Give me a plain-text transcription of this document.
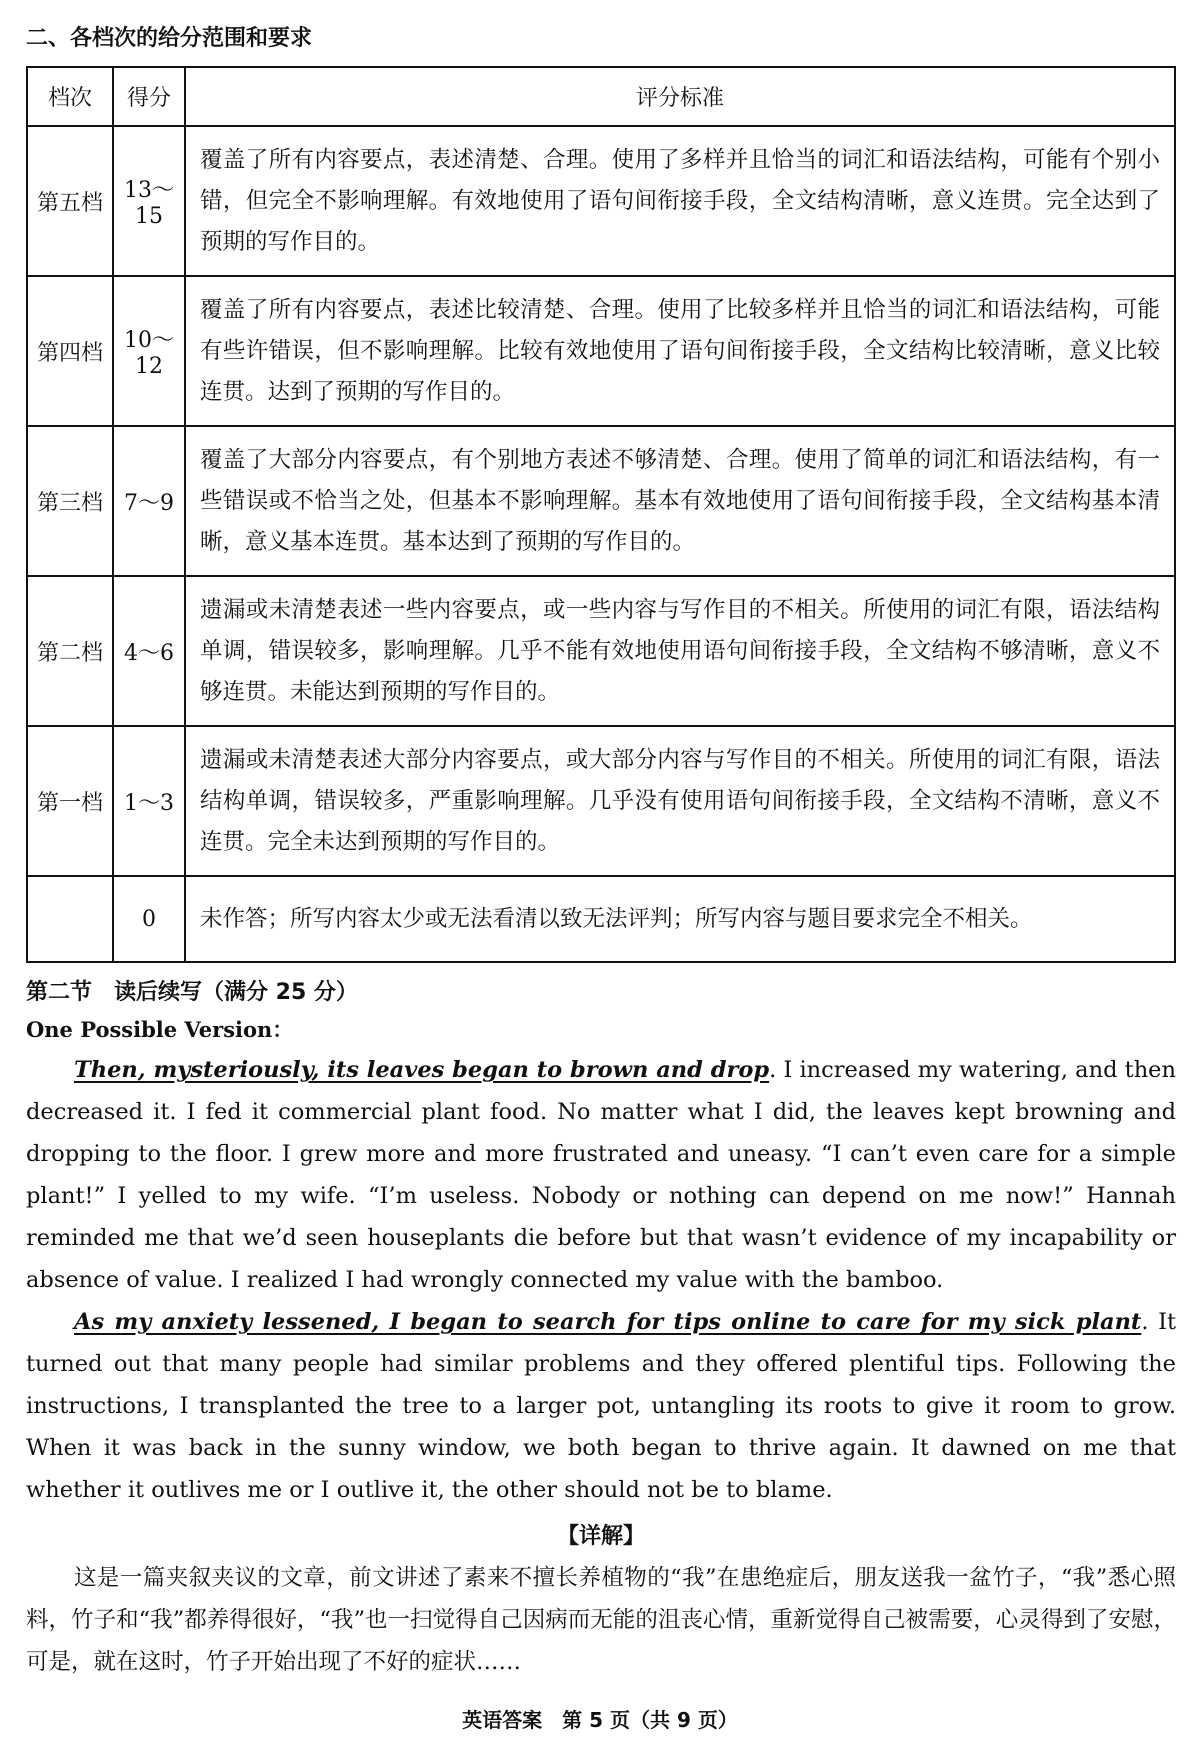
二、各档次的给分范围和要求
档次	得分	评分标准
第五档	13～15	覆盖了所有内容要点，表述清楚、合理。使用了多样并且恰当的词汇和语法结构，可能有个别小错，但完全不影响理解。有效地使用了语句间衔接手段，全文结构清晰，意义连贯。完全达到了预期的写作目的。
第四档	10～12	覆盖了所有内容要点，表述比较清楚、合理。使用了比较多样并且恰当的词汇和语法结构，可能有些许错误，但不影响理解。比较有效地使用了语句间衔接手段，全文结构比较清晰，意义比较连贯。达到了预期的写作目的。
第三档	7～9	覆盖了大部分内容要点，有个别地方表述不够清楚、合理。使用了简单的词汇和语法结构，有一些错误或不恰当之处，但基本不影响理解。基本有效地使用了语句间衔接手段，全文结构基本清晰，意义基本连贯。基本达到了预期的写作目的。
第二档	4～6	遗漏或未清楚表述一些内容要点，或一些内容与写作目的不相关。所使用的词汇有限，语法结构单调，错误较多，影响理解。几乎不能有效地使用语句间衔接手段，全文结构不够清晰，意义不够连贯。未能达到预期的写作目的。
第一档	1～3	遗漏或未清楚表述大部分内容要点，或大部分内容与写作目的不相关。所使用的词汇有限，语法结构单调，错误较多，严重影响理解。几乎没有使用语句间衔接手段，全文结构不清晰，意义不连贯。完全未达到预期的写作目的。
	0	未作答；所写内容太少或无法看清以致无法评判；所写内容与题目要求完全不相关。
第二节　读后续写（满分 25 分）
One Possible Version：

Then, mysteriously, its leaves began to brown and drop. I increased my watering, and then decreased it. I fed it commercial plant food. No matter what I did, the leaves kept browning and dropping to the floor. I grew more and more frustrated and uneasy. “I can’t even care for a simple plant!” I yelled to my wife. “I’m useless. Nobody or nothing can depend on me now!” Hannah reminded me that we’d seen houseplants die before but that wasn’t evidence of my incapability or absence of value. I realized I had wrongly connected my value with the bamboo.

As my anxiety lessened, I began to search for tips online to care for my sick plant. It turned out that many people had similar problems and they offered plentiful tips. Following the instructions, I transplanted the tree to a larger pot, untangling its roots to give it room to grow. When it was back in the sunny window, we both began to thrive again. It dawned on me that whether it outlives me or I outlive it, the other should not be to blame.

【详解】

这是一篇夹叙夹议的文章，前文讲述了素来不擅长养植物的“我”在患绝症后，朋友送我一盆竹子，“我”悉心照料，竹子和“我”都养得很好，“我”也一扫觉得自己因病而无能的沮丧心情，重新觉得自己被需要，心灵得到了安慰，可是，就在这时，竹子开始出现了不好的症状……

英语答案　第 5 页（共 9 页）
